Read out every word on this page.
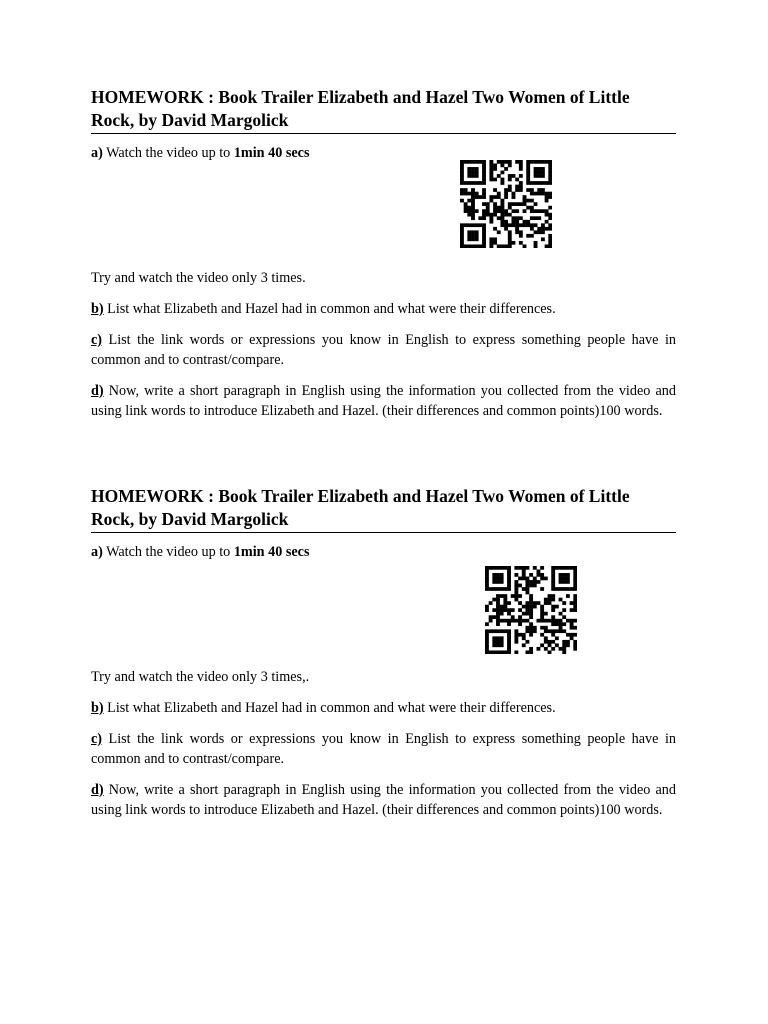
HOMEWORK : Book Trailer Elizabeth and Hazel Two Women of Little Rock, by David Margolick

a) Watch the video up to 1min 40 secs

Try and watch the video only 3 times.

b) List what Elizabeth and Hazel had in common and what were their differences.

c) List the link words or expressions you know in English to express something people have in common and to contrast/compare.

d) Now, write a short paragraph in English using the information you collected from the video and using link words to introduce Elizabeth and Hazel. (their differences and common points)100 words.

HOMEWORK : Book Trailer Elizabeth and Hazel Two Women of Little Rock, by David Margolick

a) Watch the video up to 1min 40 secs

Try and watch the video only 3 times,.

b) List what Elizabeth and Hazel had in common and what were their differences.

c) List the link words or expressions you know in English to express something people have in common and to contrast/compare.

d) Now, write a short paragraph in English using the information you collected from the video and using link words to introduce Elizabeth and Hazel. (their differences and common points)100 words.
